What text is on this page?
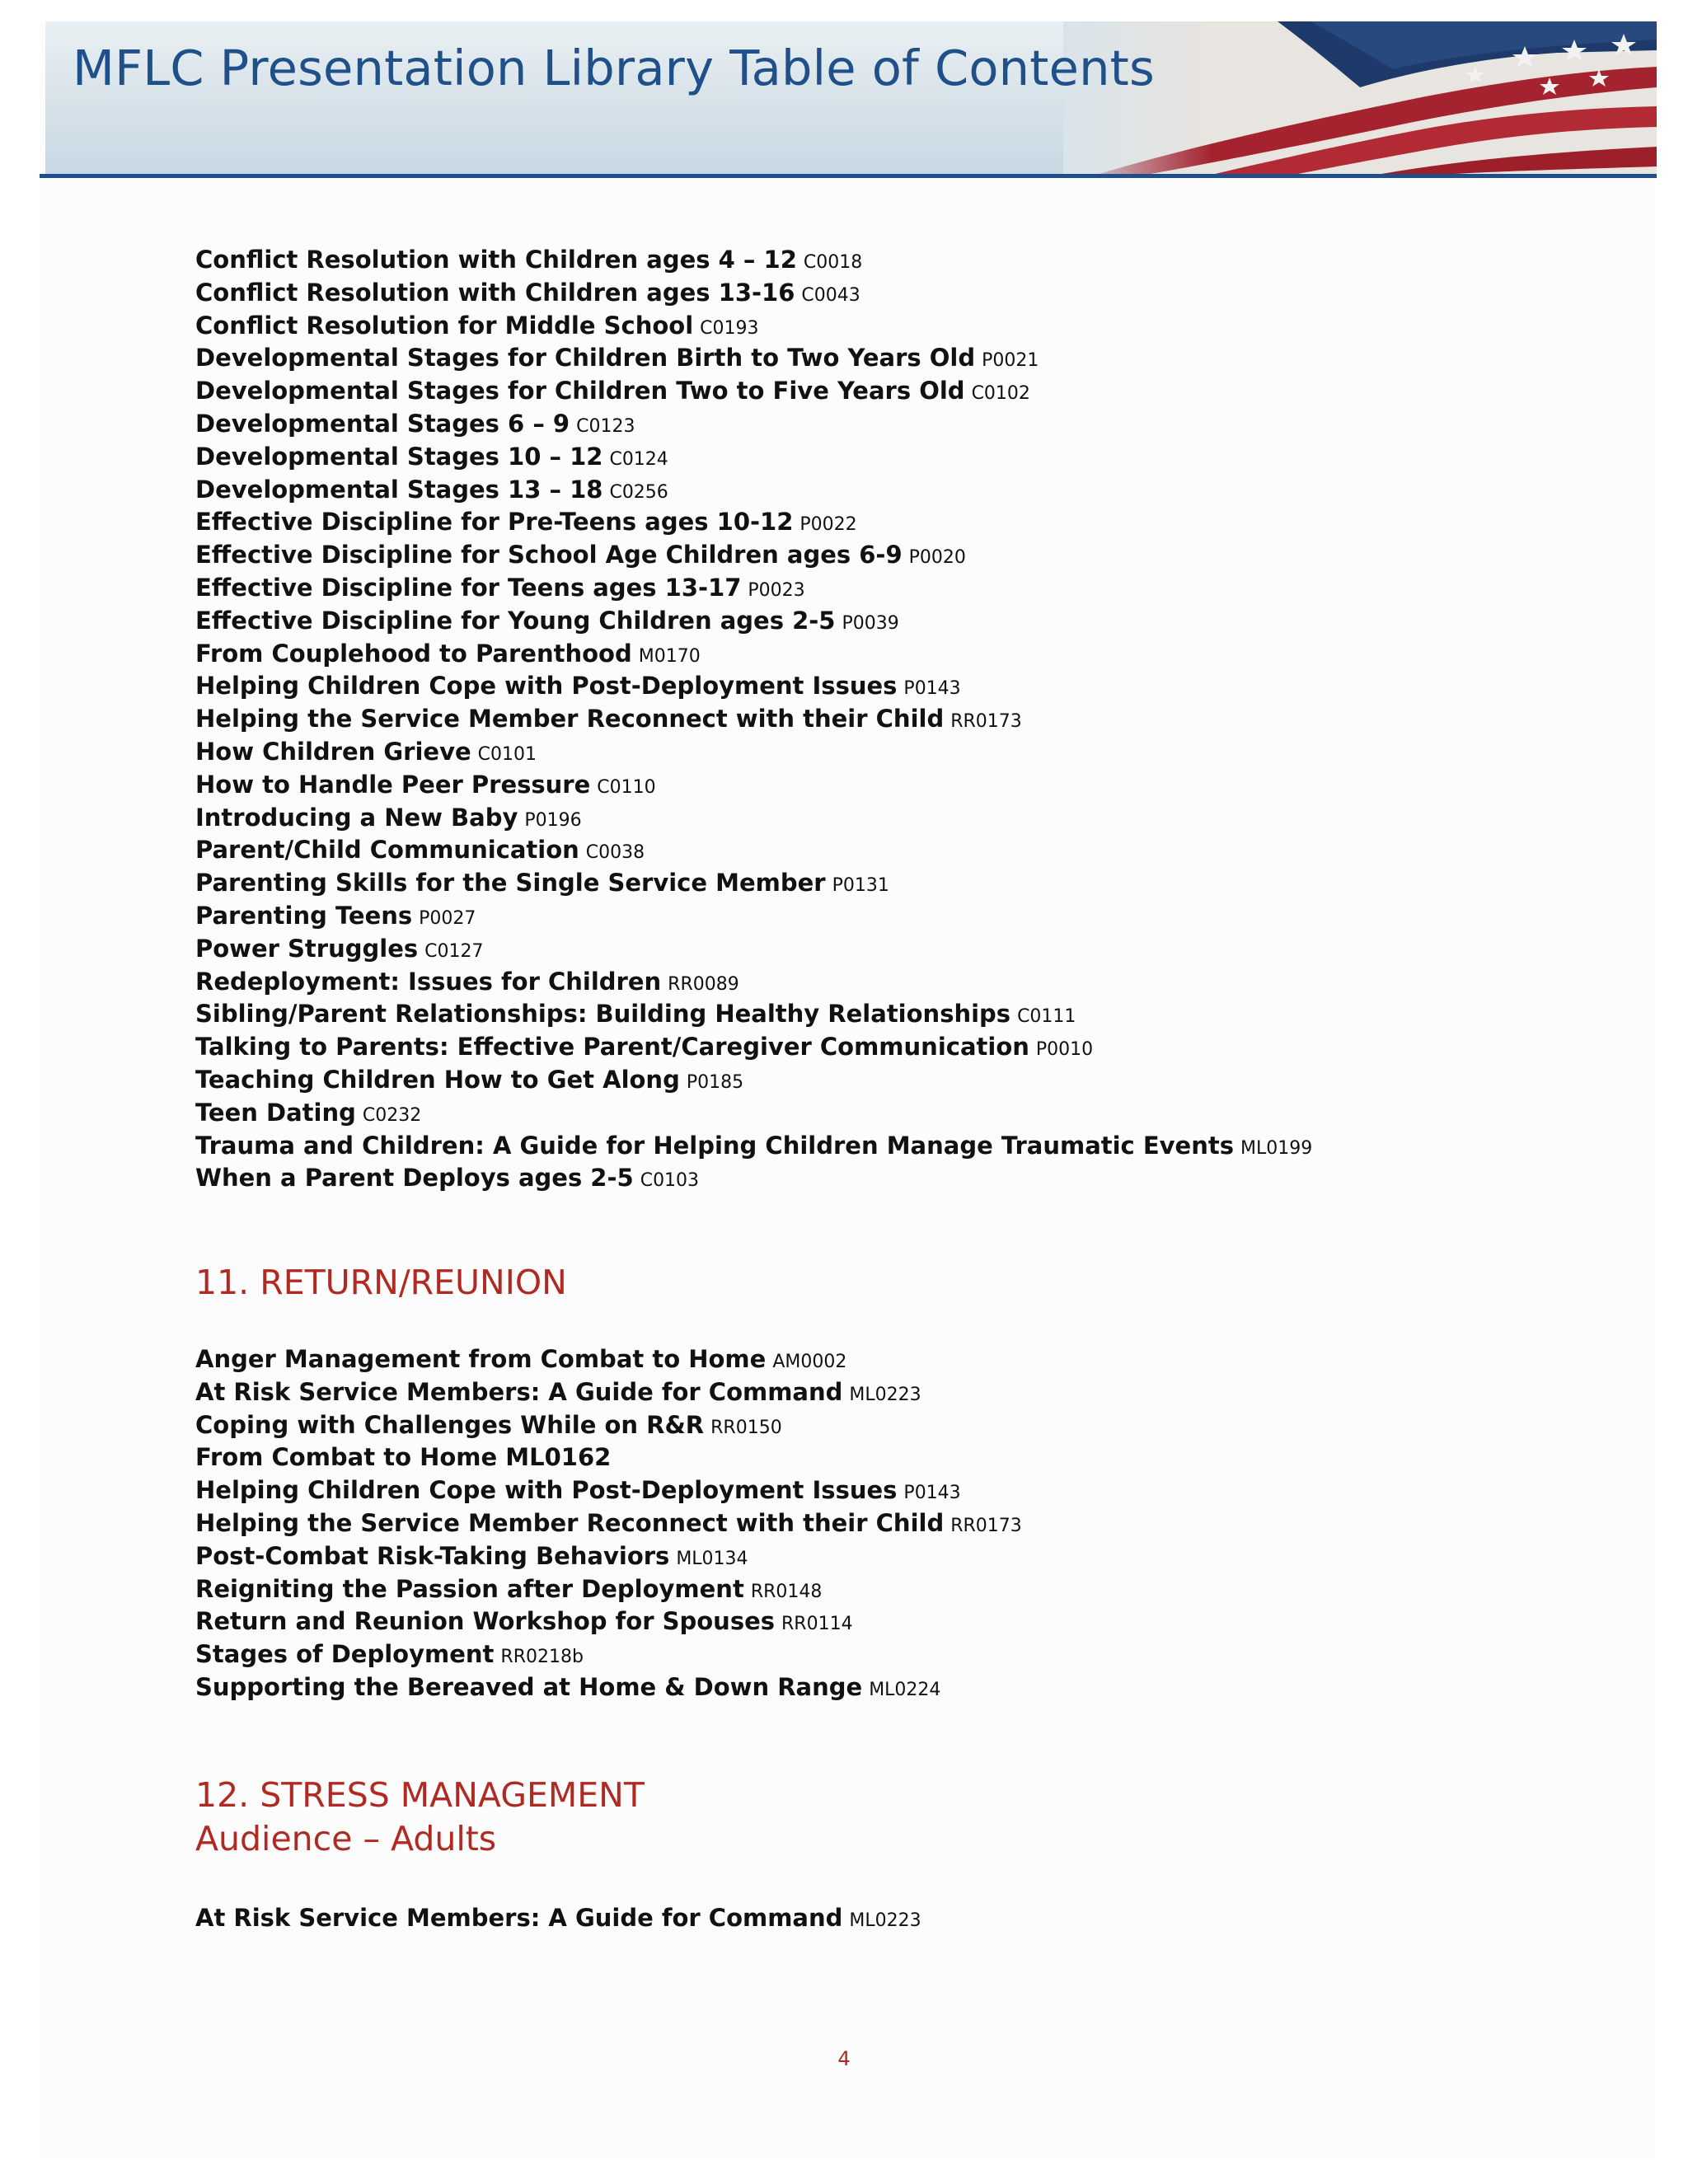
MFLC Presentation Library Table of Contents
Conflict Resolution with Children ages 4 – 12 C0018
Conflict Resolution with Children ages 13-16 C0043
Conflict Resolution for Middle School C0193
Developmental Stages for Children Birth to Two Years Old P0021
Developmental Stages for Children Two to Five Years Old C0102
Developmental Stages 6 – 9 C0123
Developmental Stages 10 – 12 C0124
Developmental Stages 13 – 18 C0256
Effective Discipline for Pre-Teens ages 10-12 P0022
Effective Discipline for School Age Children ages 6-9 P0020
Effective Discipline for Teens ages 13-17 P0023
Effective Discipline for Young Children ages 2-5 P0039
From Couplehood to Parenthood M0170
Helping Children Cope with Post-Deployment Issues P0143
Helping the Service Member Reconnect with their Child RR0173
How Children Grieve C0101
How to Handle Peer Pressure C0110
Introducing a New Baby P0196
Parent/Child Communication C0038
Parenting Skills for the Single Service Member P0131
Parenting Teens P0027
Power Struggles C0127
Redeployment: Issues for Children RR0089
Sibling/Parent Relationships: Building Healthy Relationships C0111
Talking to Parents: Effective Parent/Caregiver Communication P0010
Teaching Children How to Get Along P0185
Teen Dating C0232
Trauma and Children: A Guide for Helping Children Manage Traumatic Events ML0199
When a Parent Deploys ages 2-5 C0103
11. RETURN/REUNION
Anger Management from Combat to Home AM0002
At Risk Service Members: A Guide for Command ML0223
Coping with Challenges While on R&R RR0150
From Combat to Home ML0162
Helping Children Cope with Post-Deployment Issues P0143
Helping the Service Member Reconnect with their Child RR0173
Post-Combat Risk-Taking Behaviors ML0134
Reigniting the Passion after Deployment RR0148
Return and Reunion Workshop for Spouses RR0114
Stages of Deployment RR0218b
Supporting the Bereaved at Home & Down Range ML0224
12. STRESS MANAGEMENT
Audience – Adults
At Risk Service Members: A Guide for Command ML0223
4
